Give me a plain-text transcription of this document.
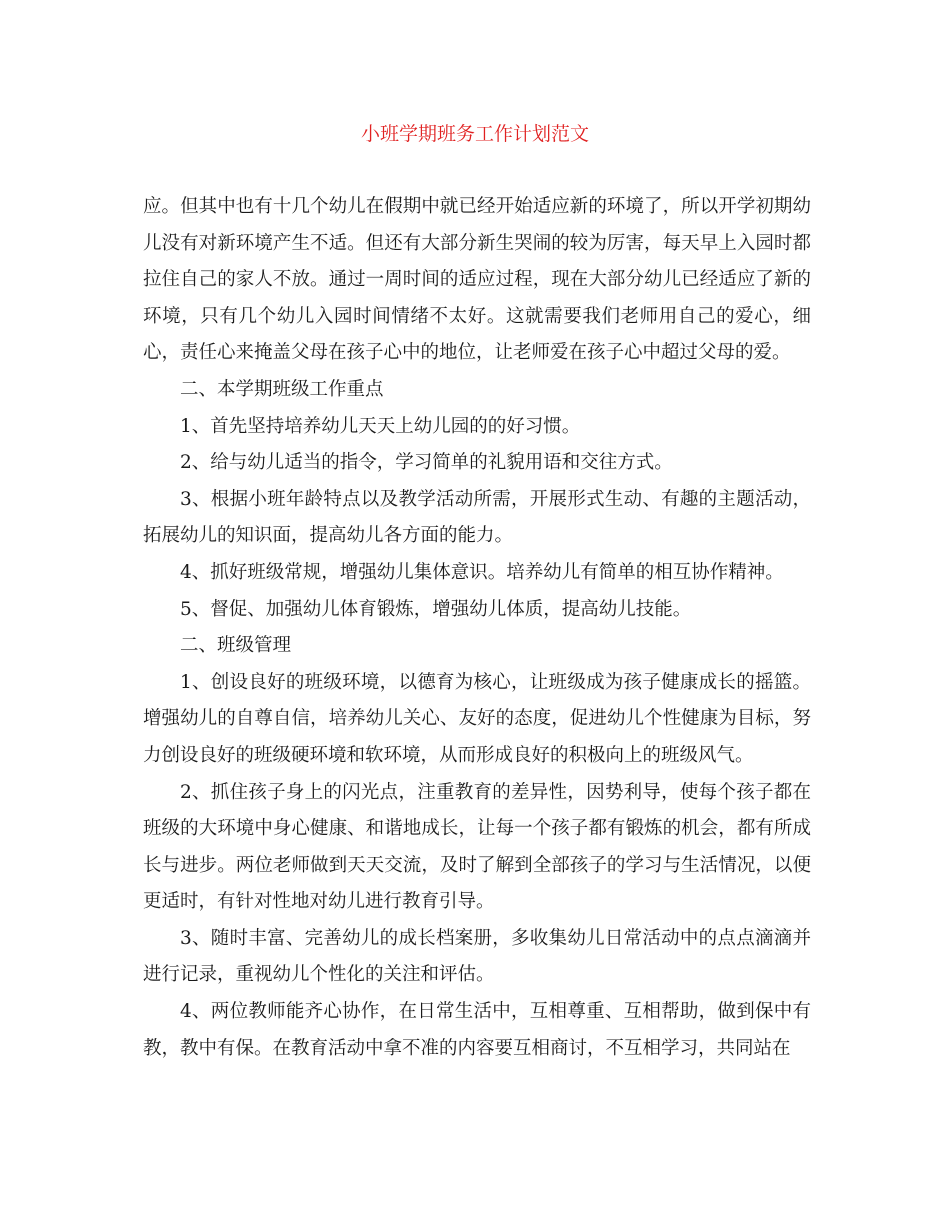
小班学期班务工作计划范文

应。但其中也有十几个幼儿在假期中就已经开始适应新的环境了，所以开学初期幼儿没有对新环境产生不适。但还有大部分新生哭闹的较为厉害，每天早上入园时都拉住自己的家人不放。通过一周时间的适应过程，现在大部分幼儿已经适应了新的环境，只有几个幼儿入园时间情绪不太好。这就需要我们老师用自己的爱心，细心，责任心来掩盖父母在孩子心中的地位，让老师爱在孩子心中超过父母的爱。

二、本学期班级工作重点

1、首先坚持培养幼儿天天上幼儿园的的好习惯。

2、给与幼儿适当的指令，学习简单的礼貌用语和交往方式。

3、根据小班年龄特点以及教学活动所需，开展形式生动、有趣的主题活动，拓展幼儿的知识面，提高幼儿各方面的能力。

4、抓好班级常规，增强幼儿集体意识。培养幼儿有简单的相互协作精神。

5、督促、加强幼儿体育锻炼，增强幼儿体质，提高幼儿技能。

二、班级管理

1、创设良好的班级环境，以德育为核心，让班级成为孩子健康成长的摇篮。增强幼儿的自尊自信，培养幼儿关心、友好的态度，促进幼儿个性健康为目标，努力创设良好的班级硬环境和软环境，从而形成良好的积极向上的班级风气。

2、抓住孩子身上的闪光点，注重教育的差异性，因势利导，使每个孩子都在班级的大环境中身心健康、和谐地成长，让每一个孩子都有锻炼的机会，都有所成长与进步。两位老师做到天天交流，及时了解到全部孩子的学习与生活情况，以便更适时，有针对性地对幼儿进行教育引导。

3、随时丰富、完善幼儿的成长档案册，多收集幼儿日常活动中的点点滴滴并进行记录，重视幼儿个性化的关注和评估。

4、两位教师能齐心协作，在日常生活中，互相尊重、互相帮助，做到保中有教，教中有保。在教育活动中拿不准的内容要互相商讨，不互相学习，共同站在
